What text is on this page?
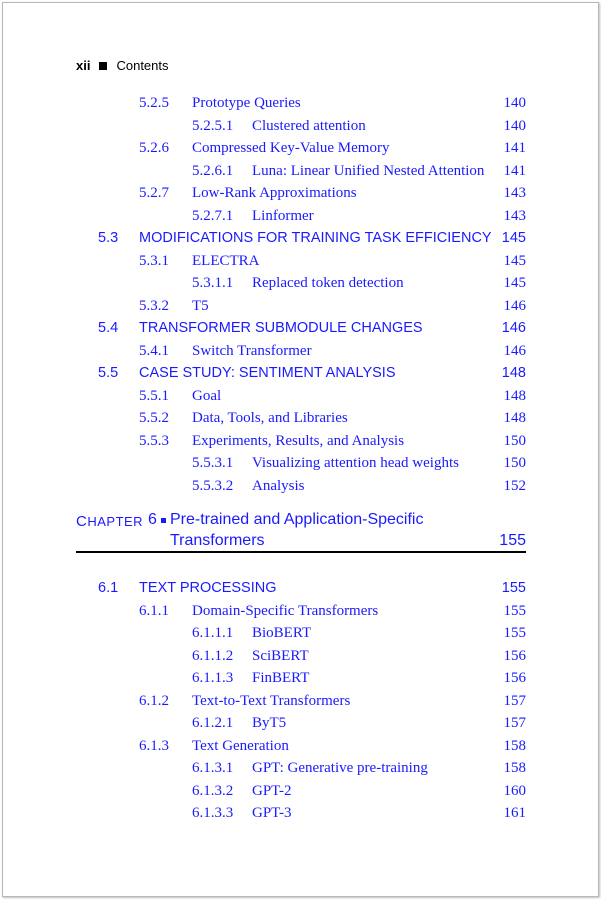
xii Contents
5.2.5 Prototype Queries	140
5.2.5.1 Clustered attention	140
5.2.6 Compressed Key-Value Memory	141
5.2.6.1 Luna: Linear Unified Nested Attention 141
5.2.7 Low-Rank Approximations	143
5.2.7.1 Linformer	143
5.3 MODIFICATIONS FOR TRAINING TASK EFFICIENCY 145
5.3.1 ELECTRA	145
5.3.1.1 Replaced token detection	145
5.3.2 T5	146
5.4 TRANSFORMER SUBMODULE CHANGES	146
5.4.1 Switch Transformer	146
5.5 CASE STUDY: SENTIMENT ANALYSIS	148
5.5.1 Goal	148
5.5.2 Data, Tools, and Libraries	148
5.5.3 Experiments, Results, and Analysis	150
5.5.3.1 Visualizing attention head weights	150
5.5.3.2 Analysis	152
CHAPTER 6 Pre-trained and Application-Specific
Transformers	155
6.1 TEXT PROCESSING	155
6.1.1 Domain-Specific Transformers	155
6.1.1.1 BioBERT	155
6.1.1.2 SciBERT	156
6.1.1.3 FinBERT	156
6.1.2 Text-to-Text Transformers	157
6.1.2.1 ByT5	157
6.1.3 Text Generation	158
6.1.3.1 GPT: Generative pre-training	158
6.1.3.2 GPT-2	160
6.1.3.3 GPT-3	161
